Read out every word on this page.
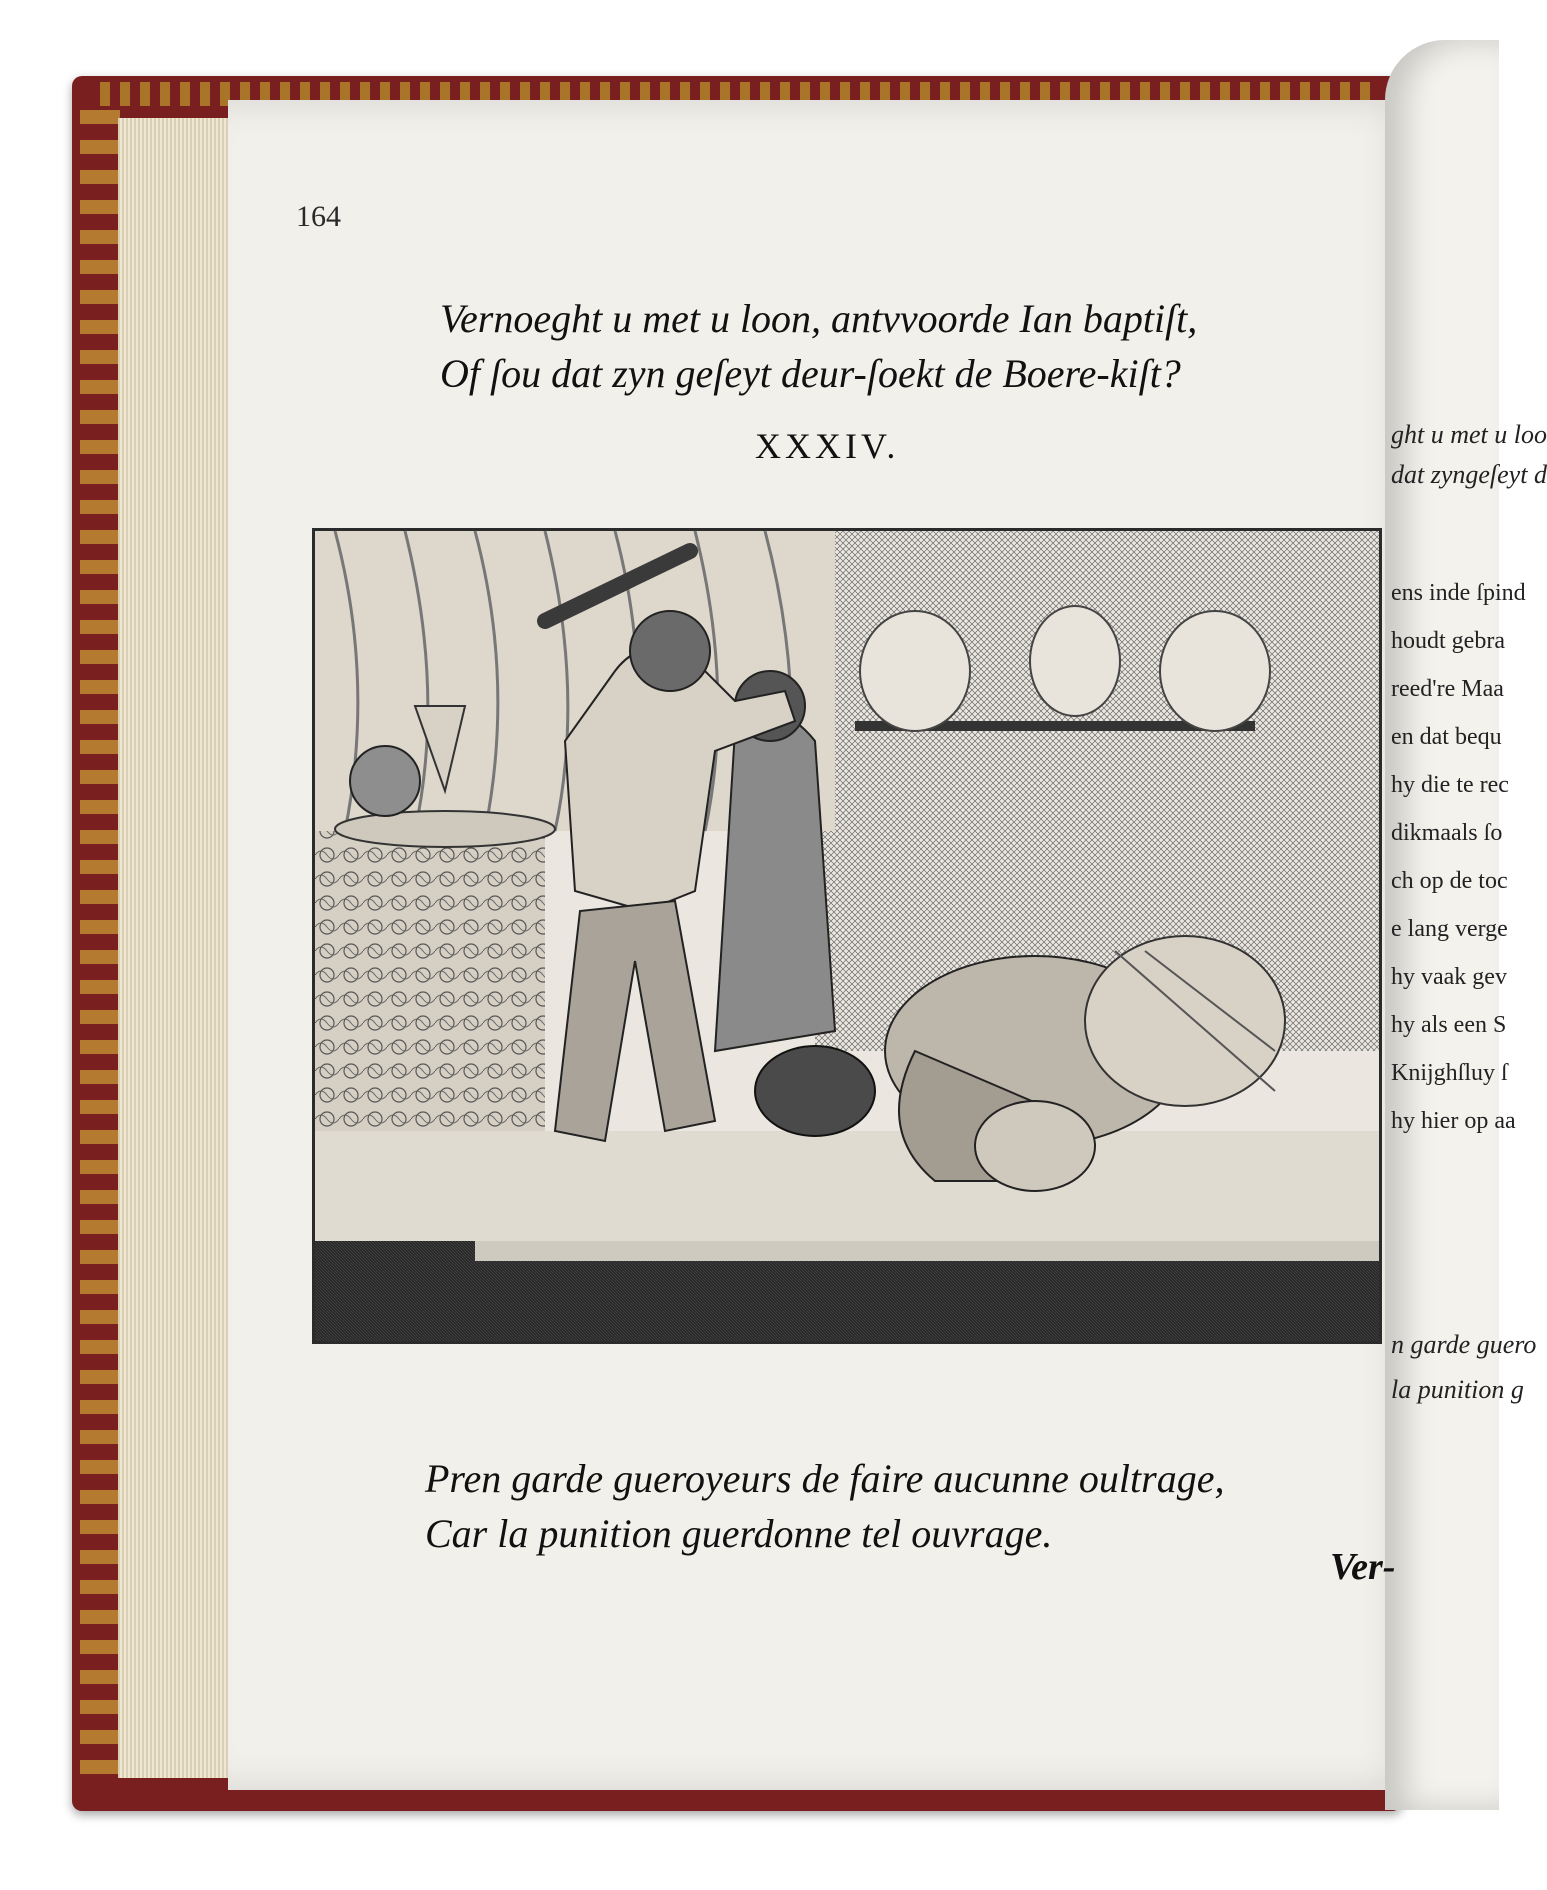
164
Vernoeght u met u loon, antvvoorde Ian baptiſt,
Of ſou dat zyn geſeyt deur-ſoekt de Boere-kiſt?
XXXIV.
Pren garde gueroyeurs de faire aucunne oultrage,
Car la punition guerdonne tel ouvrage.
ght u met u loo
dat zyngeſeyt d
ens inde ſpind
houdt gebra
reed're Maa
en dat bequ
hy die te rec
dikmaals ſo
ch op de toc
e lang verge
hy vaak gev
hy als een S
Knijghſluy ſ
hy hier op aa
n garde guero
la punition g
Ver-
